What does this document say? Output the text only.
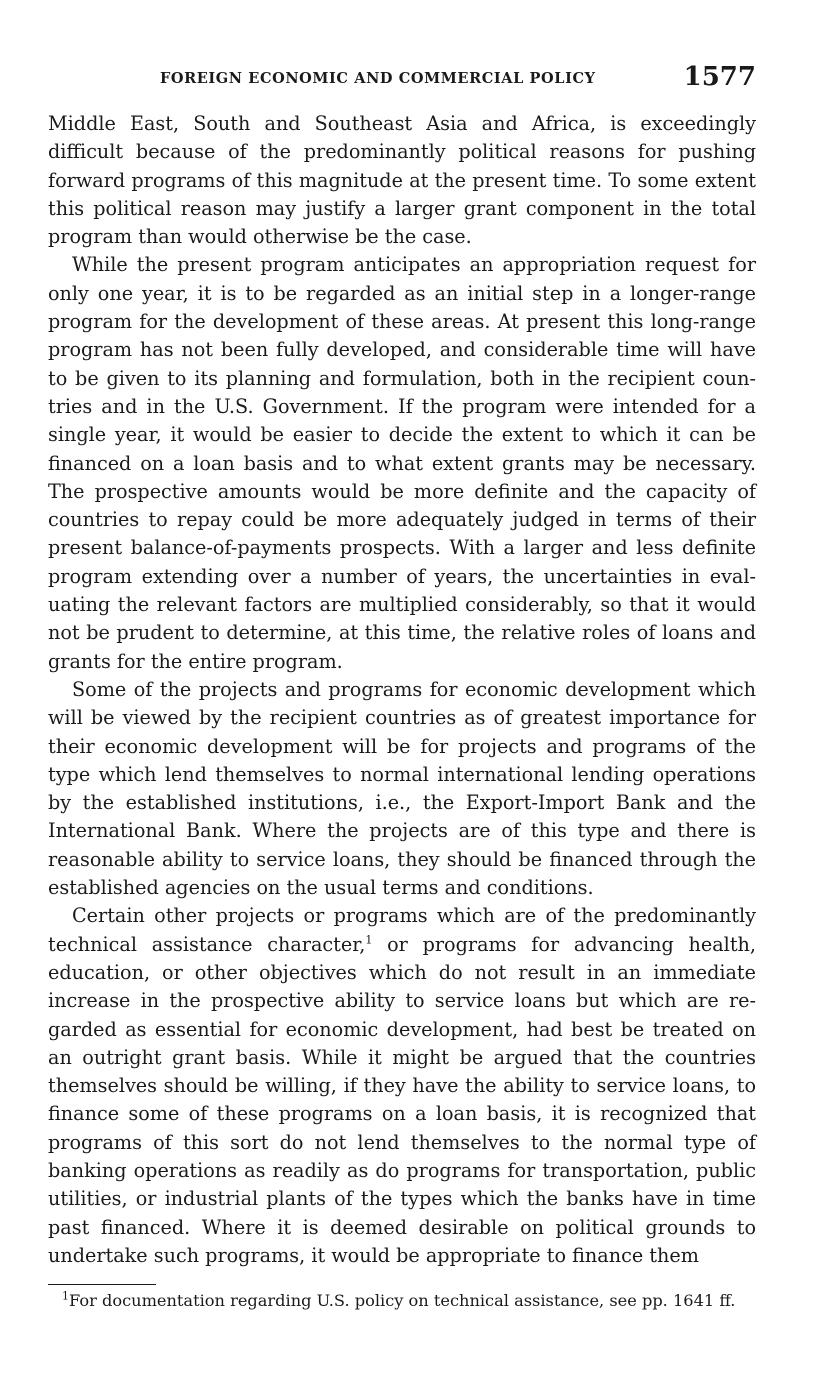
FOREIGN ECONOMIC AND COMMERCIAL POLICY	1577

Middle East, South and Southeast Asia and Africa, is exceedingly difficult because of the predominantly political reasons for pushing forward programs of this magnitude at the present time. To some extent this political reason may justify a larger grant component in the total program than would otherwise be the case.

While the present program anticipates an appropriation request for only one year, it is to be regarded as an initial step in a longer-range program for the development of these areas. At present this long-range program has not been fully developed, and considerable time will have to be given to its planning and formulation, both in the recipient countries and in the U.S. Government. If the program were intended for a single year, it would be easier to decide the extent to which it can be financed on a loan basis and to what extent grants may be necessary. The prospective amounts would be more definite and the capacity of countries to repay could be more adequately judged in terms of their present balance-of-payments prospects. With a larger and less definite program extending over a number of years, the uncertainties in evaluating the relevant factors are multiplied considerably, so that it would not be prudent to determine, at this time, the relative roles of loans and grants for the entire program.

Some of the projects and programs for economic development which will be viewed by the recipient countries as of greatest importance for their economic development will be for projects and programs of the type which lend themselves to normal international lending operations by the established institutions, i.e., the Export-Import Bank and the International Bank. Where the projects are of this type and there is reasonable ability to service loans, they should be financed through the established agencies on the usual terms and conditions.

Certain other projects or programs which are of the predominantly technical assistance character,$^1$ or programs for advancing health, education, or other objectives which do not result in an immediate increase in the prospective ability to service loans but which are regarded as essential for economic development, had best be treated on an outright grant basis. While it might be argued that the countries themselves should be willing, if they have the ability to service loans, to finance some of these programs on a loan basis, it is recognized that programs of this sort do not lend themselves to the normal type of banking operations as readily as do programs for transportation, public utilities, or industrial plants of the types which the banks have in time past financed. Where it is deemed desirable on political grounds to undertake such programs, it would be appropriate to finance them

$^1$For documentation regarding U.S. policy on technical assistance, see pp. 1641 ff.
